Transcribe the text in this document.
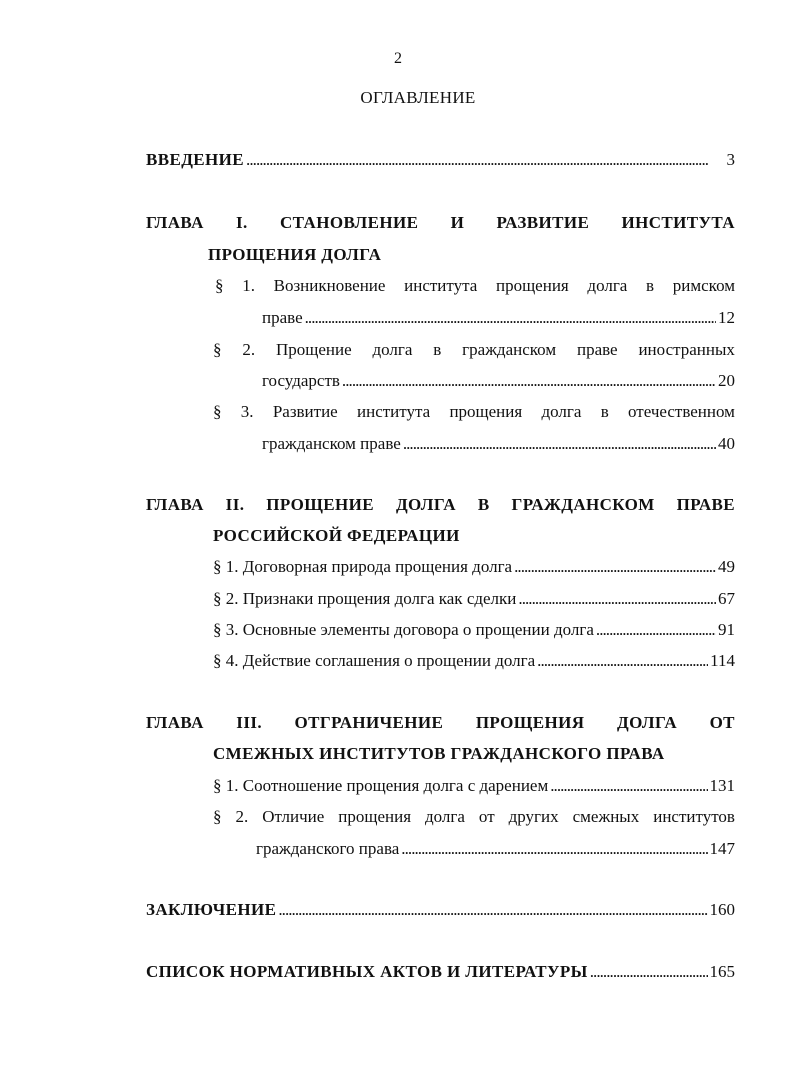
2
ОГЛАВЛЕНИЕ
ВВЕДЕНИЕ . . .	3
ГЛАВА I. СТАНОВЛЕНИЕ И РАЗВИТИЕ ИНСТИТУТА
ПРОЩЕНИЯ ДОЛГА
§ 1. Возникновение института прощения долга в римском
праве . . .	12
§ 2. Прощение долга в гражданском праве иностранных
государств . . .	20
§ 3. Развитие института прощения долга в отечественном
гражданском праве . . .	40
ГЛАВА II. ПРОЩЕНИЕ ДОЛГА В ГРАЖДАНСКОМ ПРАВЕ
РОССИЙСКОЙ ФЕДЕРАЦИИ
§ 1. Договорная природа прощения долга . . .	49
§ 2. Признаки прощения долга как сделки . . .	67
§ 3. Основные элементы договора о прощении долга . . .	91
§ 4. Действие соглашения о прощении долга . . .	114
ГЛАВА III. ОТГРАНИЧЕНИЕ ПРОЩЕНИЯ ДОЛГА ОТ
СМЕЖНЫХ ИНСТИТУТОВ ГРАЖДАНСКОГО ПРАВА
§ 1. Соотношение прощения долга с дарением . . .	131
§ 2. Отличие прощения долга от других смежных институтов
гражданского права . . .	147
ЗАКЛЮЧЕНИЕ . . .	160
СПИСОК НОРМАТИВНЫХ АКТОВ И ЛИТЕРАТУРЫ . . .	165
